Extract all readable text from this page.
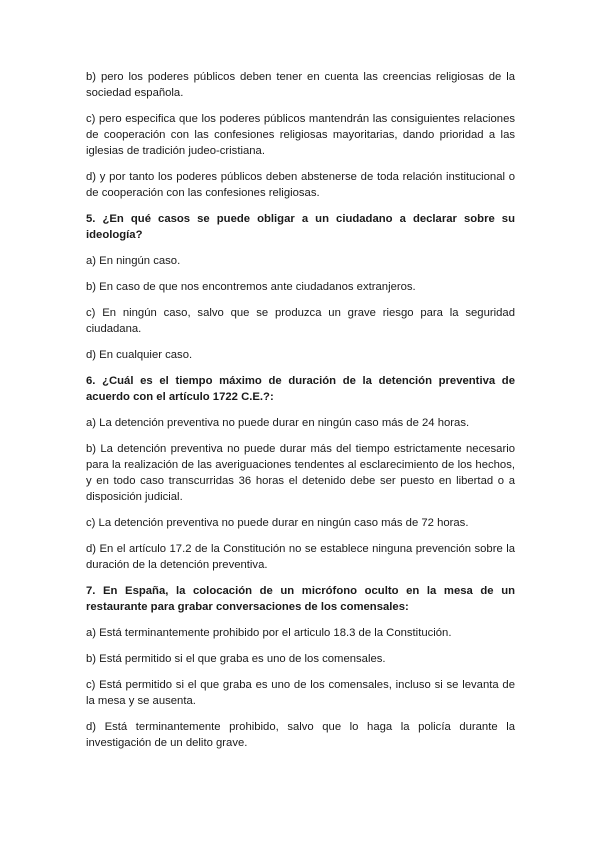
b) pero los poderes públicos deben tener en cuenta las creencias religiosas de la sociedad española.

c) pero especifica que los poderes públicos mantendrán las consiguientes relaciones de cooperación con las confesiones religiosas mayoritarias, dando prioridad a las iglesias de tradición judeo-cristiana.

d) y por tanto los poderes públicos deben abstenerse de toda relación institucional o de cooperación con las confesiones religiosas.

5. ¿En qué casos se puede obligar a un ciudadano a declarar sobre su ideología?

a) En ningún caso.

b) En caso de que nos encontremos ante ciudadanos extranjeros.

c) En ningún caso, salvo que se produzca un grave riesgo para la seguridad ciudadana.

d) En cualquier caso.

6. ¿Cuál es el tiempo máximo de duración de la detención preventiva de acuerdo con el artículo 1722 C.E.?:

a) La detención preventiva no puede durar en ningún caso más de 24 horas.

b) La detención preventiva no puede durar más del tiempo estrictamente necesario para la realización de las averiguaciones tendentes al esclarecimiento de los hechos, y en todo caso transcurridas 36 horas el detenido debe ser puesto en libertad o a disposición judicial.

c) La detención preventiva no puede durar en ningún caso más de 72 horas.

d) En el artículo 17.2 de la Constitución no se establece ninguna prevención sobre la duración de la detención preventiva.

7. En España, la colocación de un micrófono oculto en la mesa de un restaurante para grabar conversaciones de los comensales:

a) Está terminantemente prohibido por el articulo 18.3 de la Constitución.

b) Está permitido si el que graba es uno de los comensales.

c) Está permitido si el que graba es uno de los comensales, incluso si se levanta de la mesa y se ausenta.

d) Está terminantemente prohibido, salvo que lo haga la policía durante la investigación de un delito grave.
